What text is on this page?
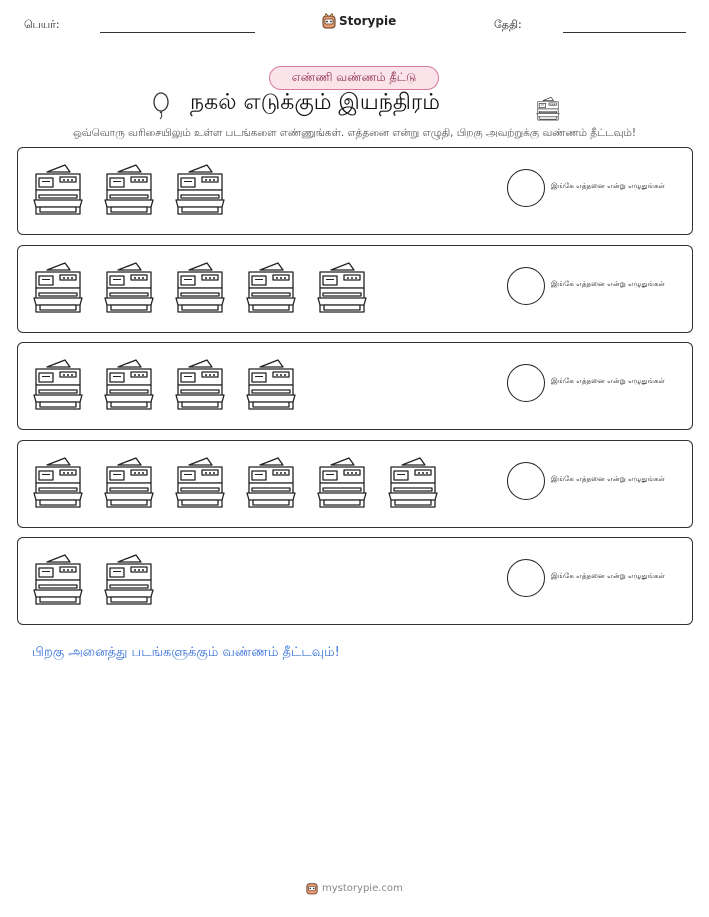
பெயர்:	Storypie	தேதி:
எண்ணி வண்ணம் தீட்டு
நகல் எடுக்கும் இயந்திரம்
ஒவ்வொரு வரிசையிலும் உள்ள படங்களை எண்ணுங்கள். எத்தனை என்று எழுதி, பிறகு அவற்றுக்கு வண்ணம் தீட்டவும்!
இங்கே எத்தனை என்று எழுதுங்கள்
இங்கே எத்தனை என்று எழுதுங்கள்
இங்கே எத்தனை என்று எழுதுங்கள்
இங்கே எத்தனை என்று எழுதுங்கள்
இங்கே எத்தனை என்று எழுதுங்கள்
பிறகு அனைத்து படங்களுக்கும் வண்ணம் தீட்டவும்!
mystorypie.com
